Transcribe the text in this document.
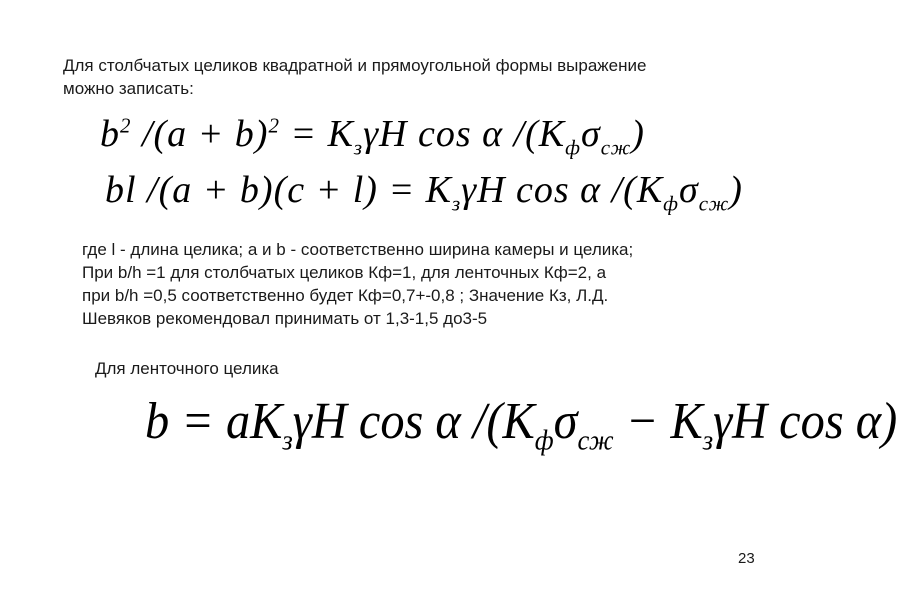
Для столбчатых целиков квадратной и прямоугольной формы выражение
можно записать:

$b^2$ $/(a + b)^2 = K_з\gamma H$ cos α $/(K_ф\sigma_{сж})$
bl $/(a + b)(c + l) = K_з\gamma H$ cos α $/(K_ф\sigma_{сж})$

где l - длина целика; a и b - соответственно ширина камеры и целика;
При b/h =1 для столбчатых целиков Кф=1, для ленточных Кф=2, а
при b/h =0,5 соответственно будет Кф=0,7+-0,8 ; Значение Кз, Л.Д.
Шевяков рекомендовал принимать от 1,3-1,5 до3-5

Для ленточного целика

$b = aK_з\gamma H$ cos α $/(K_ф\sigma_{сж} - K_з\gamma H$ cos α)
23
